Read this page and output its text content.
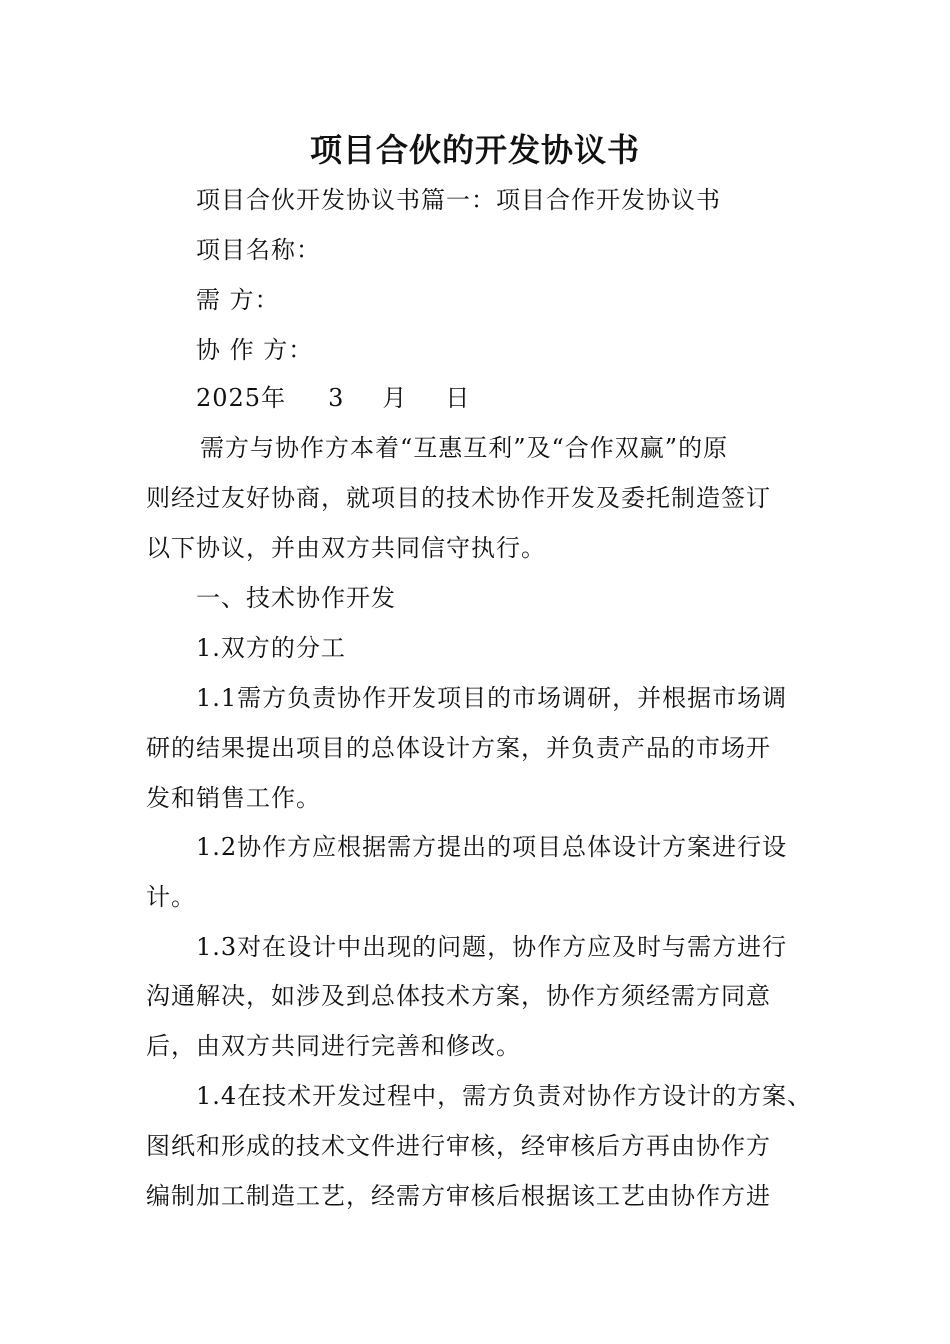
项目合伙的开发协议书
项目合伙开发协议书篇一：项目合作开发协议书
项目名称：
需 方：
协 作 方：
2025年 3 月 日
需方与协作方本着“互惠互利”及“合作双赢”的原
则经过友好协商，就项目的技术协作开发及委托制造签订
以下协议，并由双方共同信守执行。
一、技术协作开发
1.双方的分工
1.1需方负责协作开发项目的市场调研，并根据市场调
研的结果提出项目的总体设计方案，并负责产品的市场开
发和销售工作。
1.2协作方应根据需方提出的项目总体设计方案进行设
计。
1.3对在设计中出现的问题，协作方应及时与需方进行
沟通解决，如涉及到总体技术方案，协作方须经需方同意
后，由双方共同进行完善和修改。
1.4在技术开发过程中，需方负责对协作方设计的方案、
图纸和形成的技术文件进行审核，经审核后方再由协作方
编制加工制造工艺，经需方审核后根据该工艺由协作方进
